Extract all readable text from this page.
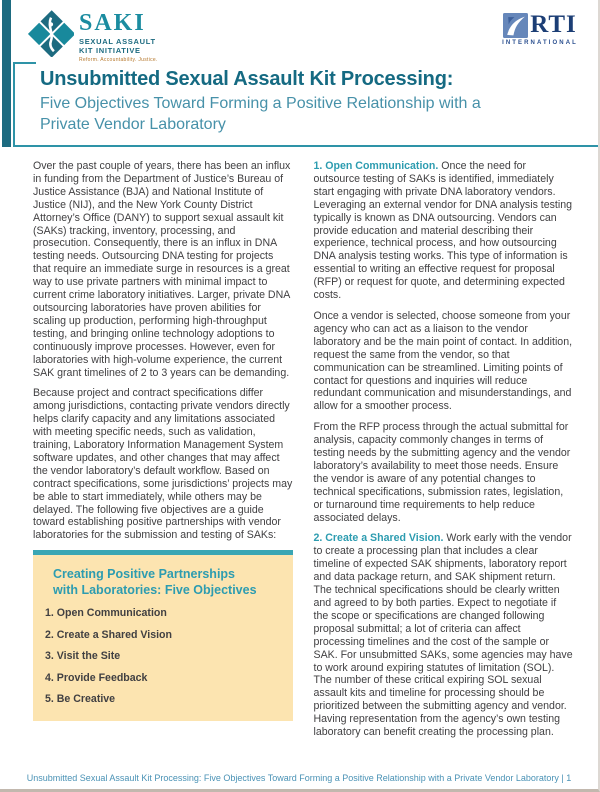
SAKI
SEXUAL ASSAULT
KIT INITIATIVE
Reform. Accountability. Justice.
RTI
INTERNATIONAL
Unsubmitted Sexual Assault Kit Processing:
Five Objectives Toward Forming a Positive Relationship with a Private Vendor Laboratory

Over the past couple of years, there has been an influx in funding from the Department of Justice’s Bureau of Justice Assistance (BJA) and National Institute of Justice (NIJ), and the New York County District Attorney’s Office (DANY) to support sexual assault kit (SAKs) tracking, inventory, processing, and prosecution. Consequently, there is an influx in DNA testing needs. Outsourcing DNA testing for projects that require an immediate surge in resources is a great way to use private partners with minimal impact to current crime laboratory initiatives. Larger, private DNA outsourcing laboratories have proven abilities for scaling up production, performing high-throughput testing, and bringing online technology adoptions to continuously improve processes. However, even for laboratories with high-volume experience, the current SAK grant timelines of 2 to 3 years can be demanding.

Because project and contract specifications differ among jurisdictions, contacting private vendors directly helps clarify capacity and any limitations associated with meeting specific needs, such as validation, training, Laboratory Information Management System software updates, and other changes that may affect the vendor laboratory’s default workflow. Based on contract specifications, some jurisdictions’ projects may be able to start immediately, while others may be delayed. The following five objectives are a guide toward establishing positive partnerships with vendor laboratories for the submission and testing of SAKs:

Creating Positive Partnerships with Laboratories: Five Objectives
1. Open Communication
2. Create a Shared Vision
3. Visit the Site
4. Provide Feedback
5. Be Creative

1. Open Communication. Once the need for outsource testing of SAKs is identified, immediately start engaging with private DNA laboratory vendors. Leveraging an external vendor for DNA analysis testing typically is known as DNA outsourcing. Vendors can provide education and material describing their experience, technical process, and how outsourcing DNA analysis testing works. This type of information is essential to writing an effective request for proposal (RFP) or request for quote, and determining expected costs.

Once a vendor is selected, choose someone from your agency who can act as a liaison to the vendor laboratory and be the main point of contact. In addition, request the same from the vendor, so that communication can be streamlined. Limiting points of contact for questions and inquiries will reduce redundant communication and misunderstandings, and allow for a smoother process.

From the RFP process through the actual submittal for analysis, capacity commonly changes in terms of testing needs by the submitting agency and the vendor laboratory’s availability to meet those needs. Ensure the vendor is aware of any potential changes to technical specifications, submission rates, legislation, or turnaround time requirements to help reduce associated delays.

2. Create a Shared Vision. Work early with the vendor to create a processing plan that includes a clear timeline of expected SAK shipments, laboratory report and data package return, and SAK shipment return. The technical specifications should be clearly written and agreed to by both parties. Expect to negotiate if the scope or specifications are changed following proposal submittal; a lot of criteria can affect processing timelines and the cost of the sample or SAK. For unsubmitted SAKs, some agencies may have to work around expiring statutes of limitation (SOL). The number of these critical expiring SOL sexual assault kits and timeline for processing should be prioritized between the submitting agency and vendor. Having representation from the agency’s own testing laboratory can benefit creating the processing plan.

Unsubmitted Sexual Assault Kit Processing: Five Objectives Toward Forming a Positive Relationship with a Private Vendor Laboratory | 1
